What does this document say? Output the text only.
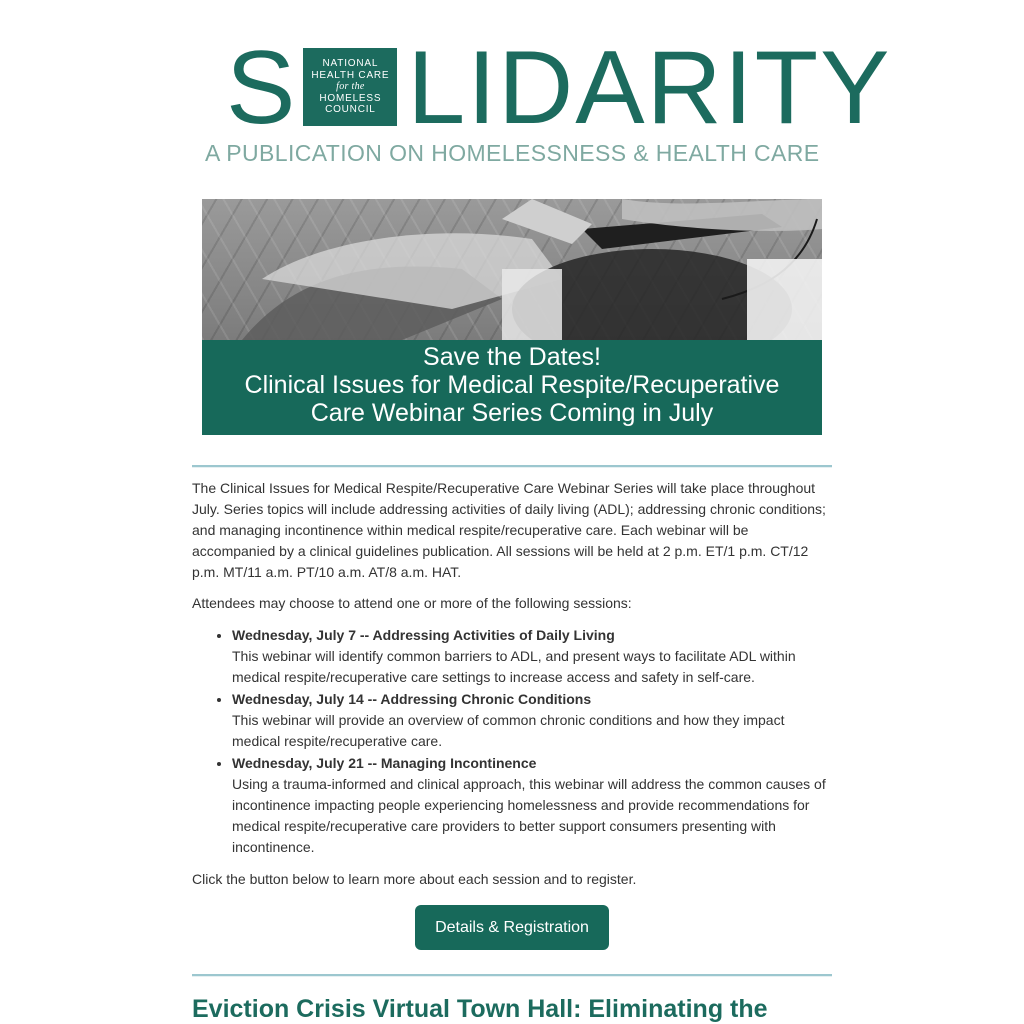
S	NATIONAL
HEALTH CARE
for the
HOMELESS
COUNCIL LIDARITY
A PUBLICATION ON HOMELESSNESS & HEALTH CARE
Save the Dates!
Clinical Issues for Medical Respite/Recuperative
Care Webinar Series Coming in July

The Clinical Issues for Medical Respite/Recuperative Care Webinar Series will take place throughout July. Series topics will include addressing activities of daily living (ADL); addressing chronic conditions; and managing incontinence within medical respite/recuperative care. Each webinar will be accompanied by a clinical guidelines publication. All sessions will be held at 2 p.m. ET/1 p.m. CT/12 p.m. MT/11 a.m. PT/10 a.m. AT/8 a.m. HAT.

Attendees may choose to attend one or more of the following sessions:

• Wednesday, July 7 -- Addressing Activities of Daily Living
This webinar will identify common barriers to ADL, and present ways to facilitate ADL within medical respite/recuperative care settings to increase access and safety in self-care.
• Wednesday, July 14 -- Addressing Chronic Conditions
This webinar will provide an overview of common chronic conditions and how they impact medical respite/recuperative care.
• Wednesday, July 21 -- Managing Incontinence
Using a trauma-informed and clinical approach, this webinar will address the common causes of incontinence impacting people experiencing homelessness and provide recommendations for medical respite/recuperative care providers to better support consumers presenting with incontinence.

Click the button below to learn more about each session and to register.

Details & Registration
Eviction Crisis Virtual Town Hall: Eliminating the
